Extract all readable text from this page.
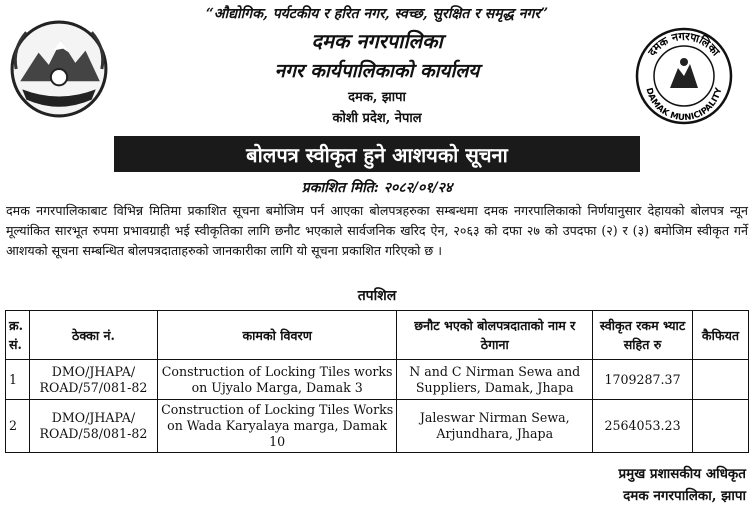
दमक नगरपालिका
DAMAK MUNICIPALITY
“औद्योगिक, पर्यटकीय र हरित नगर, स्वच्छ, सुरक्षित र समृद्ध नगर”
दमक नगरपालिका
नगर कार्यपालिकाको कार्यालय
दमक, झापा
कोशी प्रदेश, नेपाल
बोलपत्र स्वीकृत हुने आशयको सूचना
प्रकाशित मिति: २०८२/०१/२४

दमक नगरपालिकाबाट विभिन्न मितिमा प्रकाशित सूचना बमोजिम पर्न आएका बोलपत्रहरुका सम्बन्धमा दमक नगरपालिकाको निर्णयानुसार देहायको बोलपत्र न्यून मूल्यांकित सारभूत रुपमा प्रभावग्राही भई स्वीकृतिका लागि छनौट भएकाले सार्वजनिक खरिद ऐन, २०६३ को दफा २७ को उपदफा (२) र (३) बमोजिम स्वीकृत गर्ने आशयको सूचना सम्बन्धित बोलपत्रदाताहरुको जानकारीका लागि यो सूचना प्रकाशित गरिएको छ ।

तपशिल
क्र. सं.	ठेक्का नं.	कामको विवरण	छनौट भएको बोलपत्रदाताको नाम र ठेगाना	स्वीकृत रकम भ्याट सहित रु	कैफियत
1	DMO/JHAPA/ ROAD/57/081-82	Construction of Locking Tiles works on Ujyalo Marga, Damak 3	N and C Nirman Sewa and Suppliers, Damak, Jhapa	1709287.37	
2	DMO/JHAPA/ ROAD/58/081-82	Construction of Locking Tiles Works on Wada Karyalaya marga, Damak 10	Jaleswar Nirman Sewa, Arjundhara, Jhapa	2564053.23	
प्रमुख प्रशासकीय अधिकृत
दमक नगरपालिका, झापा
